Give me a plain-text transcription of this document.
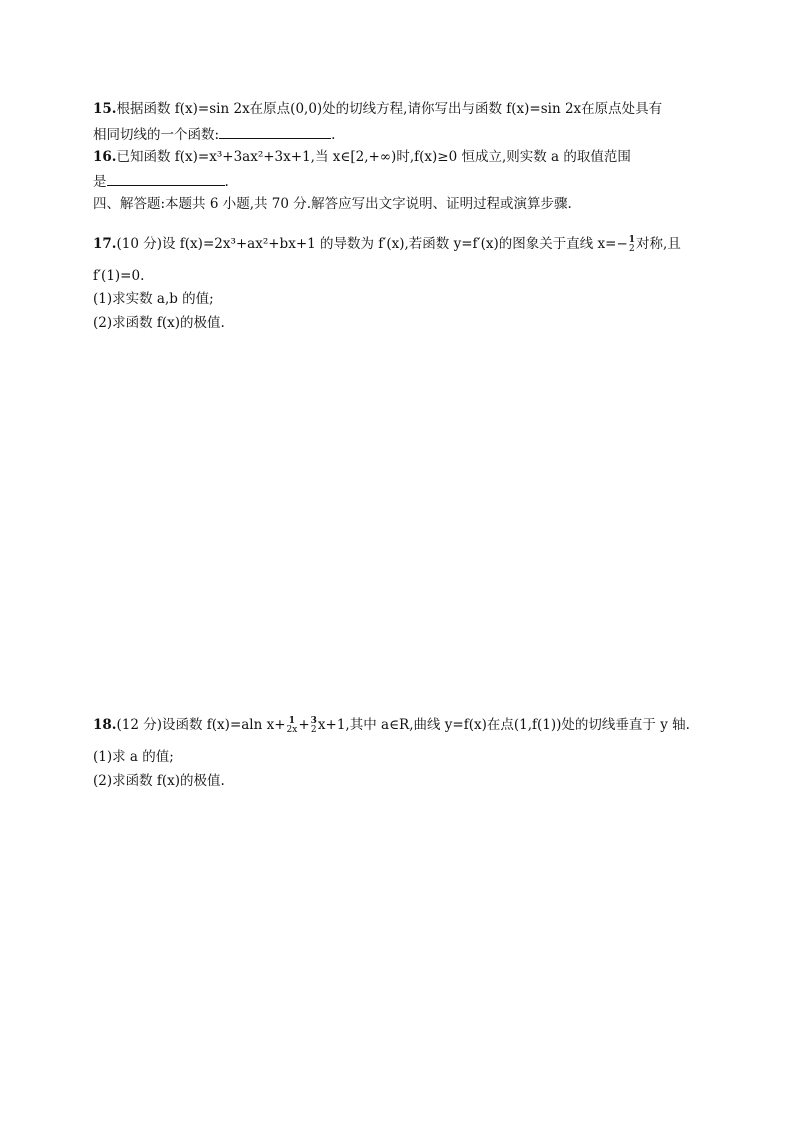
15.根据函数 f(x)=sin 2x在原点(0,0)处的切线方程,请你写出与函数 f(x)=sin 2x在原点处具有
相同切线的一个函数:	.
16.已知函数 f(x)=x³+3ax²+3x+1,当 x∈[2,+∞)时,f(x)≥0 恒成立,则实数 a 的取值范围
是	.
四、解答题:本题共 6 小题,共 70 分.解答应写出文字说明、证明过程或演算步骤.
17.(10 分)设 f(x)=2x³+ax²+bx+1 的导数为 f′(x),若函数 y=f′(x)的图象关于直线 x=− 1
2 对称,且
f′(1)=0.
(1)求实数 a,b 的值;
(2)求函数 f(x)的极值.
18.(12 分)设函数 f(x)=aln x+ 1
2x + 3
2 x+1,其中 a∈R,曲线 y=f(x)在点(1,f(1))处的切线垂直于 y 轴.
(1)求 a 的值;
(2)求函数 f(x)的极值.
